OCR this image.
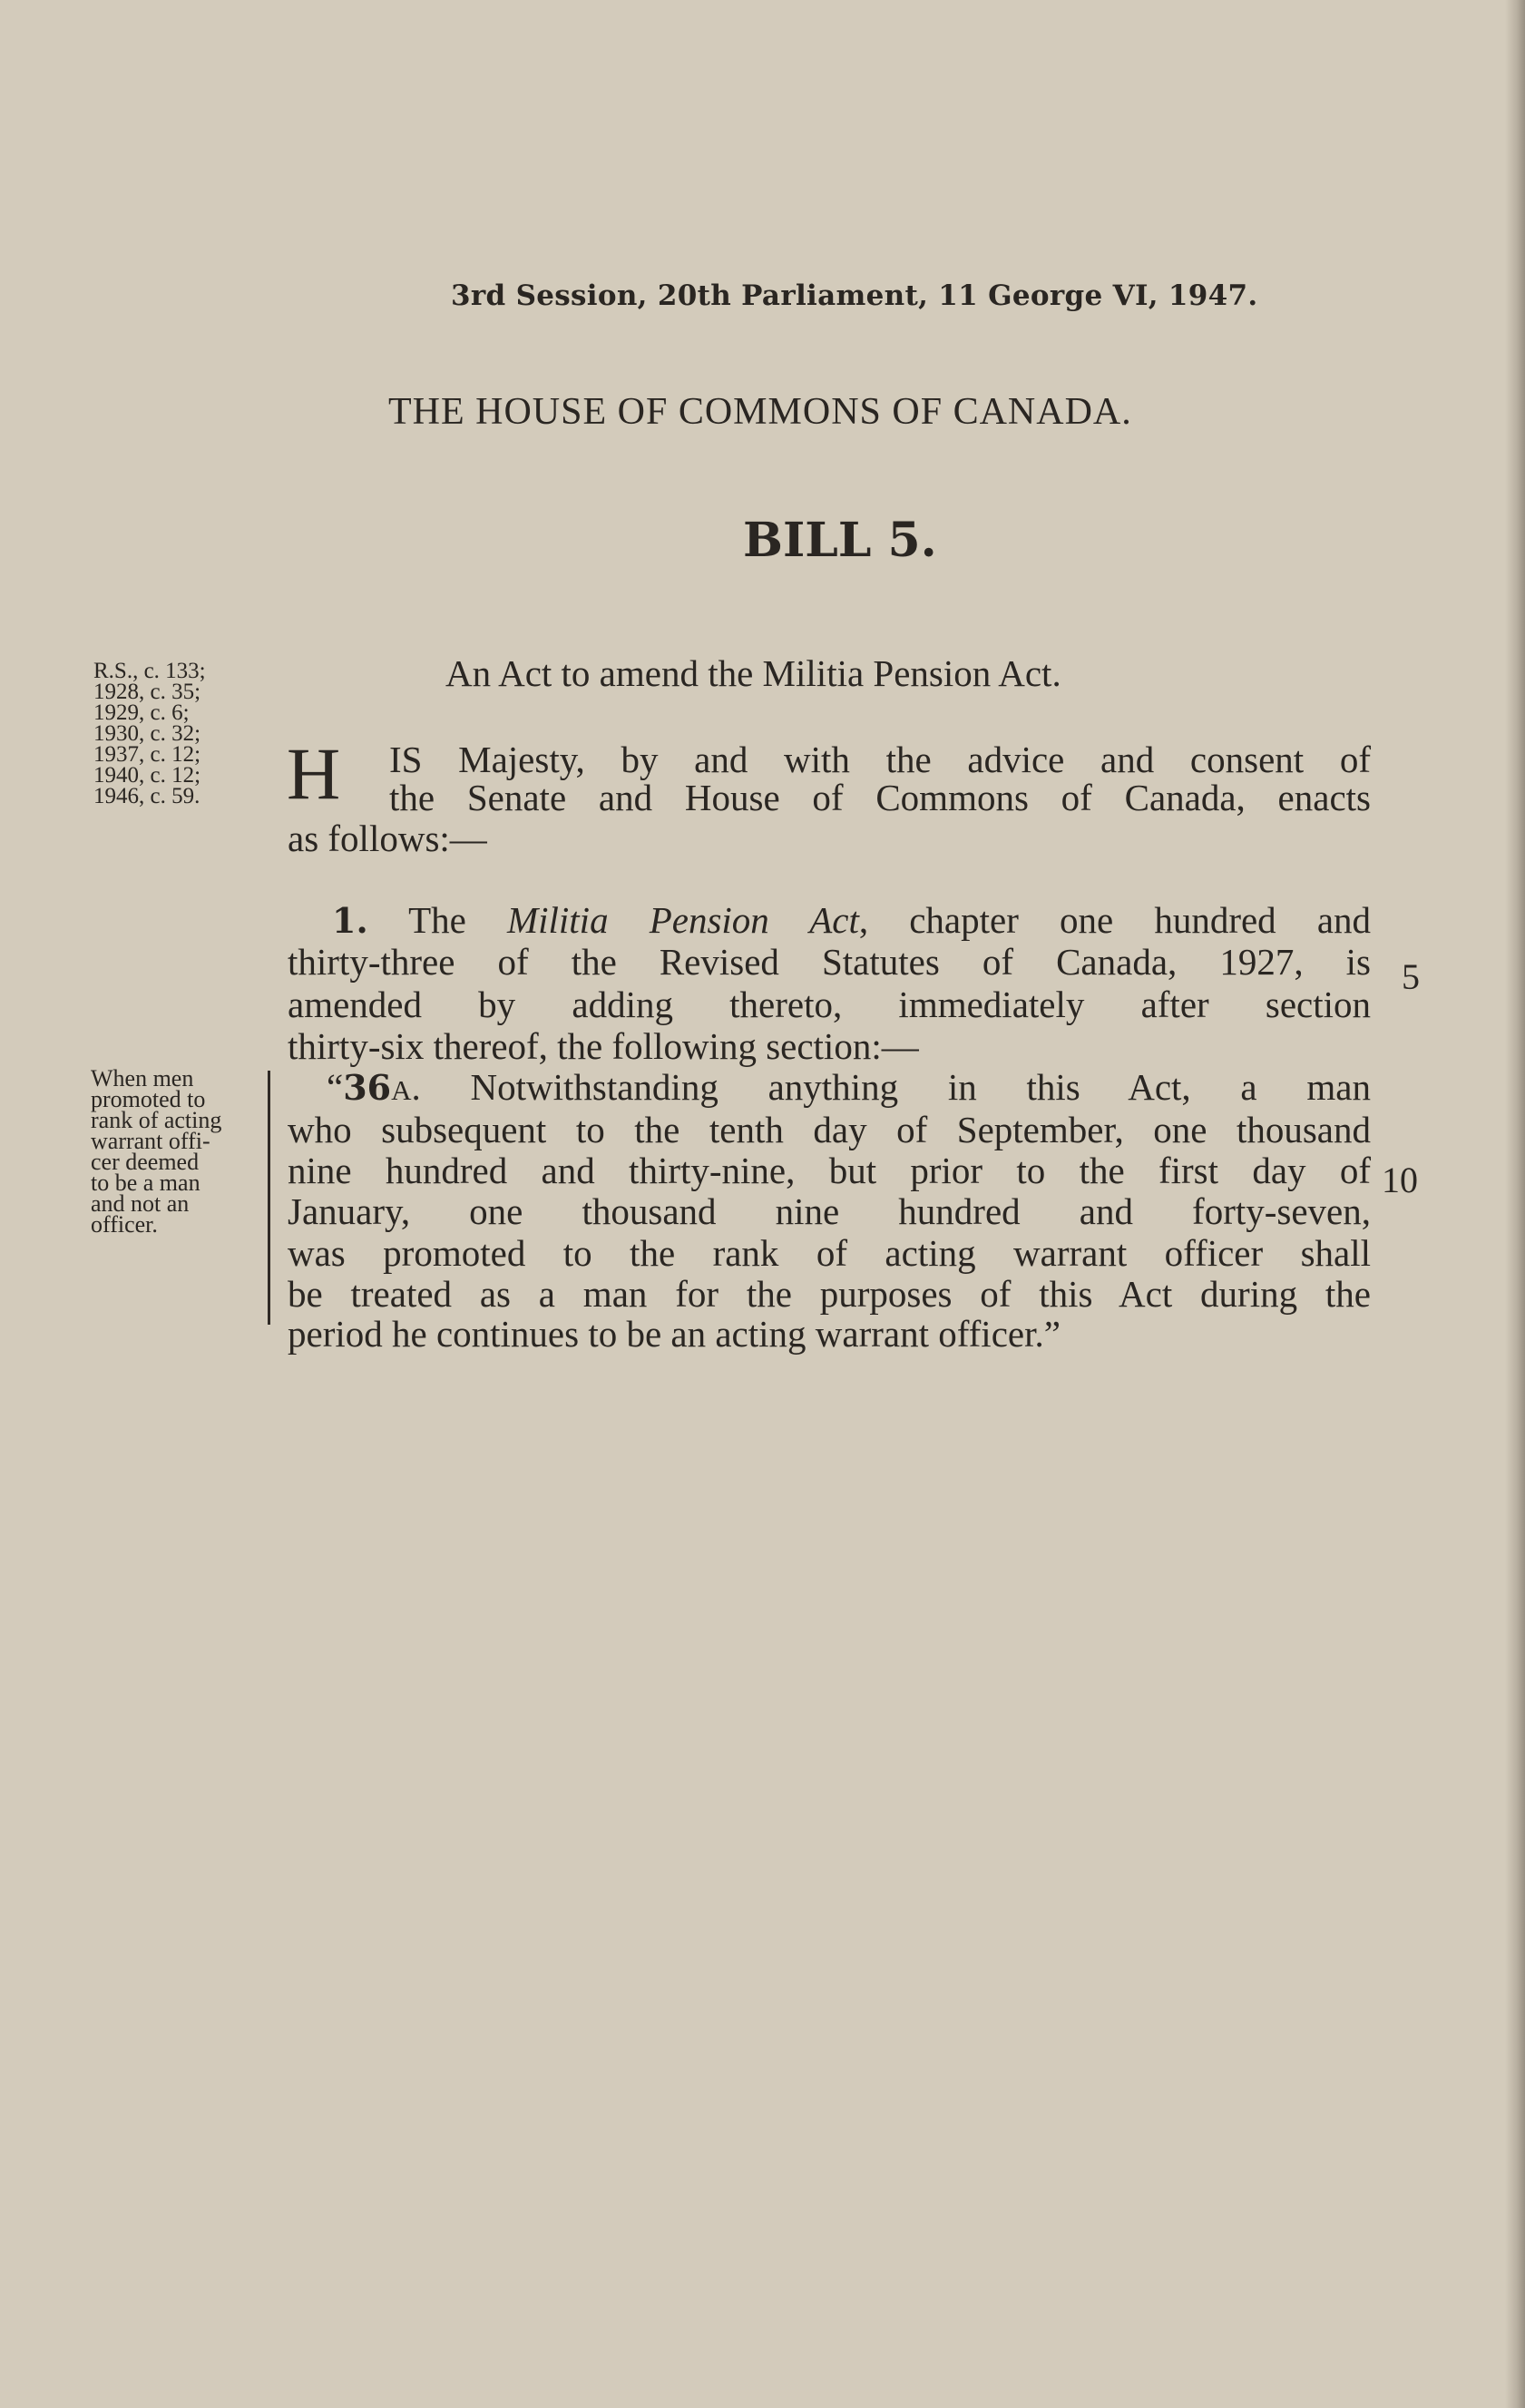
3rd Session, 20th Parliament, 11 George VI, 1947.
THE HOUSE OF COMMONS OF CANADA.
BILL 5.
R.S., c. 133;
1928, c. 35;
1929, c. 6;
1930, c. 32;
1937, c. 12;
1940, c. 12;
1946, c. 59.
An Act to amend the Militia Pension Act.
H IS Majesty, by and with the advice and consent of
the Senate and House of Commons of Canada, enacts
as follows:—
1. The Militia Pension Act, chapter one hundred and
thirty-three of the Revised Statutes of Canada, 1927, is
amended by adding thereto, immediately after section
thirty-six thereof, the following section:—
“36A. Notwithstanding anything in this Act, a man
who subsequent to the tenth day of September, one thousand
nine hundred and thirty-nine, but prior to the first day of
January, one thousand nine hundred and forty-seven,
was promoted to the rank of acting warrant officer shall
be treated as a man for the purposes of this Act during the
period he continues to be an acting warrant officer.”
When men
promoted to
rank of acting
warrant offi-
cer deemed
to be a man
and not an
officer.
5
10
